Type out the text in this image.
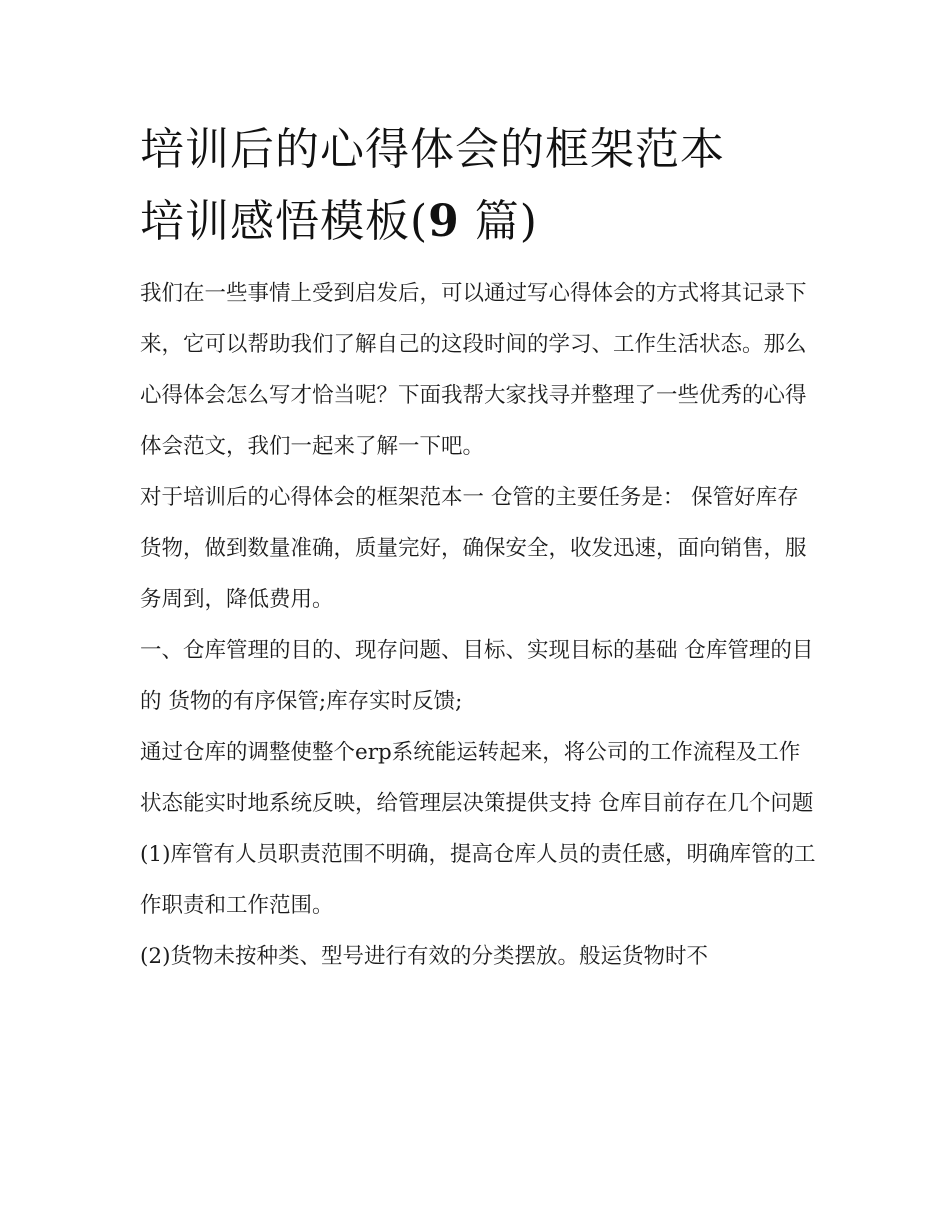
培训后的心得体会的框架范本
培训感悟模板(9 篇)

我们在一些事情上受到启发后，可以通过写心得体会的方式将其记录下来，它可以帮助我们了解自己的这段时间的学习、工作生活状态。那么心得体会怎么写才恰当呢？下面我帮大家找寻并整理了一些优秀的心得体会范文，我们一起来了解一下吧。

对于培训后的心得体会的框架范本一 仓管的主要任务是： 保管好库存货物，做到数量准确，质量完好，确保安全，收发迅速，面向销售，服务周到，降低费用。

一、仓库管理的目的、现存问题、目标、实现目标的基础 仓库管理的目的 货物的有序保管;库存实时反馈;

通过仓库的调整使整个erp系统能运转起来，将公司的工作流程及工作状态能实时地系统反映，给管理层决策提供支持 仓库目前存在几个问题

(1)库管有人员职责范围不明确，提高仓库人员的责任感，明确库管的工作职责和工作范围。

(2)货物未按种类、型号进行有效的分类摆放。般运货物时不
